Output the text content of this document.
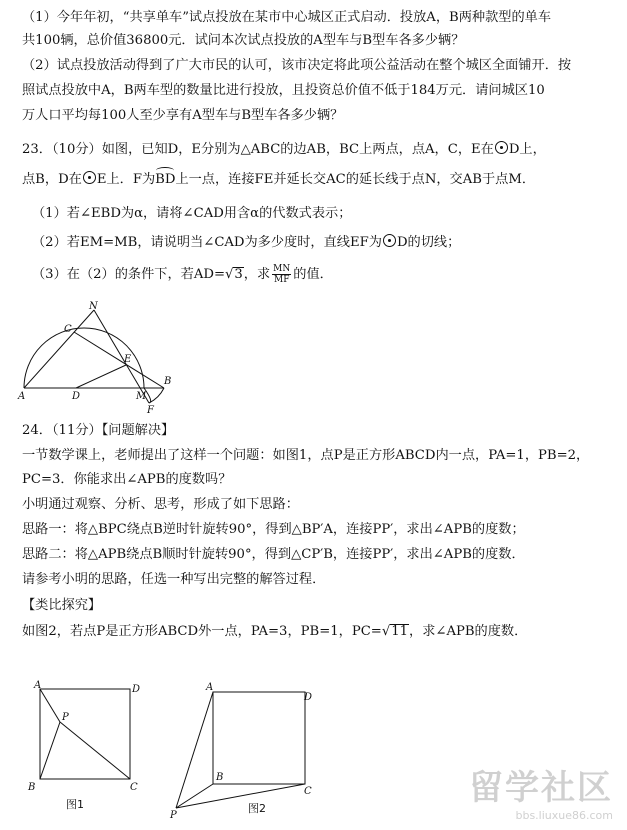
（1）今年年初，“共享单车”试点投放在某市中心城区正式启动．投放A，B两种款型的单车
共100辆，总价值36800元．试问本次试点投放的A型车与B型车各多少辆？
（2）试点投放活动得到了广大市民的认可，该市决定将此项公益活动在整个城区全面铺开．按
照试点投放中A，B两车型的数量比进行投放，且投资总价值不低于184万元．请问城区10
万人口平均每100人至少享有A型车与B型车各多少辆？
23．（10分）如图，已知D，E分别为△ABC的边AB，BC上两点，点A，C，E在 D上，
点B，D在 E上．F为BD上一点，连接FE并延长交AC的延长线于点N，交AB于点M．
（1）若∠EBD为α，请将∠CAD用含α的代数式表示；
（2）若EM=MB，请说明当∠CAD为多少度时，直线EF为 D的切线；
（3）在（2）的条件下，若AD=√3，求 $\frac{MN}{MF}$ 的值．
N
C
E
A	D	M
B
F
24．（11分）【问题解决】
一节数学课上，老师提出了这样一个问题：如图1，点P是正方形ABCD内一点，PA=1，PB=2，
PC=3．你能求出∠APB的度数吗？
小明通过观察、分析、思考，形成了如下思路：
思路一：将△BPC绕点B逆时针旋转90°，得到△BP′A，连接PP′，求出∠APB的度数；
思路二：将△APB绕点B顺时针旋转90°，得到△CP′B，连接PP′，求出∠APB的度数．
请参考小明的思路，任选一种写出完整的解答过程．
【类比探究】
如图2，若点P是正方形ABCD外一点，PA=3，PB=1，PC=√11，求∠APB的度数．
A	D
P
B	C
图1
A
D
B
C
P
图2
留学社区
bbs.liuxue86.com
